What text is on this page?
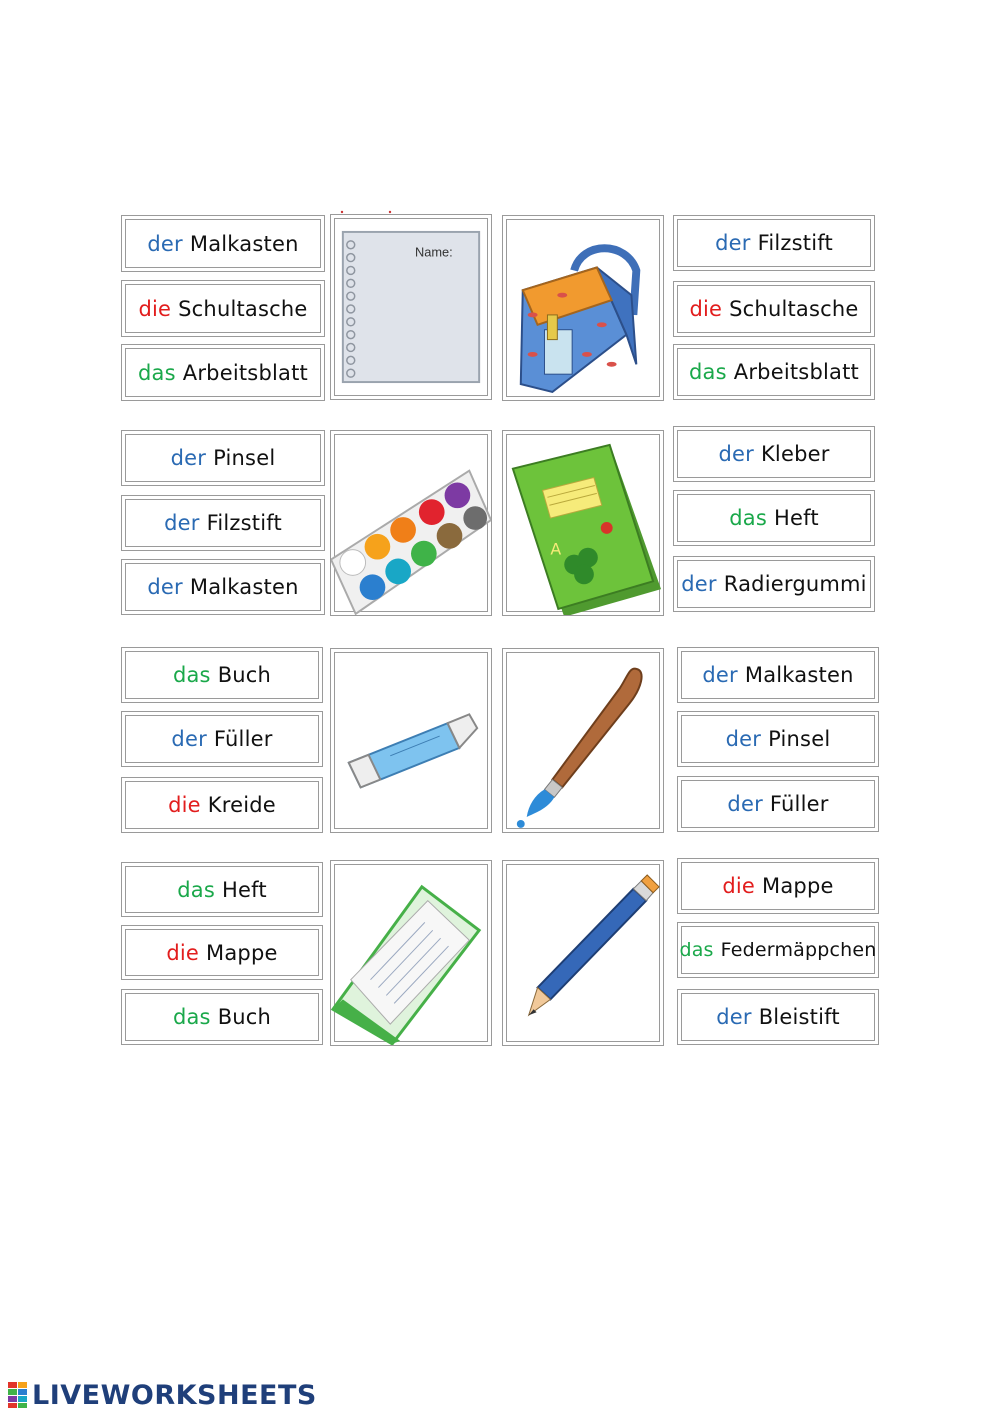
der Malkasten
die Schultasche
das Arbeitsblatt
Name:	der Filzstift
die Schultasche
das Arbeitsblatt
der Pinsel
der Filzstift
der Malkasten
A
der Kleber
das Heft
der Radiergummi
das Buch
der Füller
die Kreide
der Malkasten
der Pinsel
der Füller
das Heft
die Mappe
das Buch
die Mappe
das Federmäppchen
der Bleistift
LIVEWORKSHEETS
